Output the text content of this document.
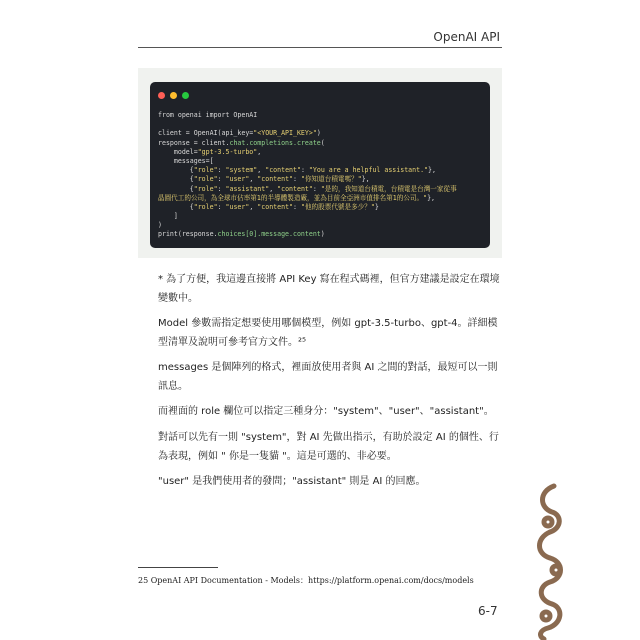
OpenAI API
from openai import OpenAI
client = OpenAI(api_key="<YOUR_API_KEY>")
response = client.chat.completions.create(
model="gpt-3.5-turbo",
messages=[
{"role": "system", "content": "You are a helpful assistant."},
{"role": "user", "content": "你知道台積電嗎？"},
{"role": "assistant", "content": "是的，我知道台積電，台積電是台灣一家從事
晶圓代工的公司，為全球市佔率第1的半導體製造廠，並為目前全亞洲市值排名第1的公司。"},
{"role": "user", "content": "他的股票代號是多少？"}
]
)
print(response.choices[0].message.content)
* 為了方便，我這邊直接將 API Key 寫在程式碼裡，但官方建議是設定在環境變數中。
Model 參數需指定想要使用哪個模型，例如 gpt-3.5-turbo、gpt-4。詳細模型清單及說明可參考官方文件。²⁵
messages 是個陣列的格式，裡面放使用者與 AI 之間的對話，最短可以一則訊息。
而裡面的 role 欄位可以指定三種身分："system"、"user"、"assistant"。
對話可以先有一則 "system"，對 AI 先做出指示，有助於設定 AI 的個性、行為表現，例如 " 你是一隻貓 "。這是可選的、非必要。
"user" 是我們使用者的發問；"assistant" 則是 AI 的回應。
25 OpenAI API Documentation - Models：https://platform.openai.com/docs/models
6-7
